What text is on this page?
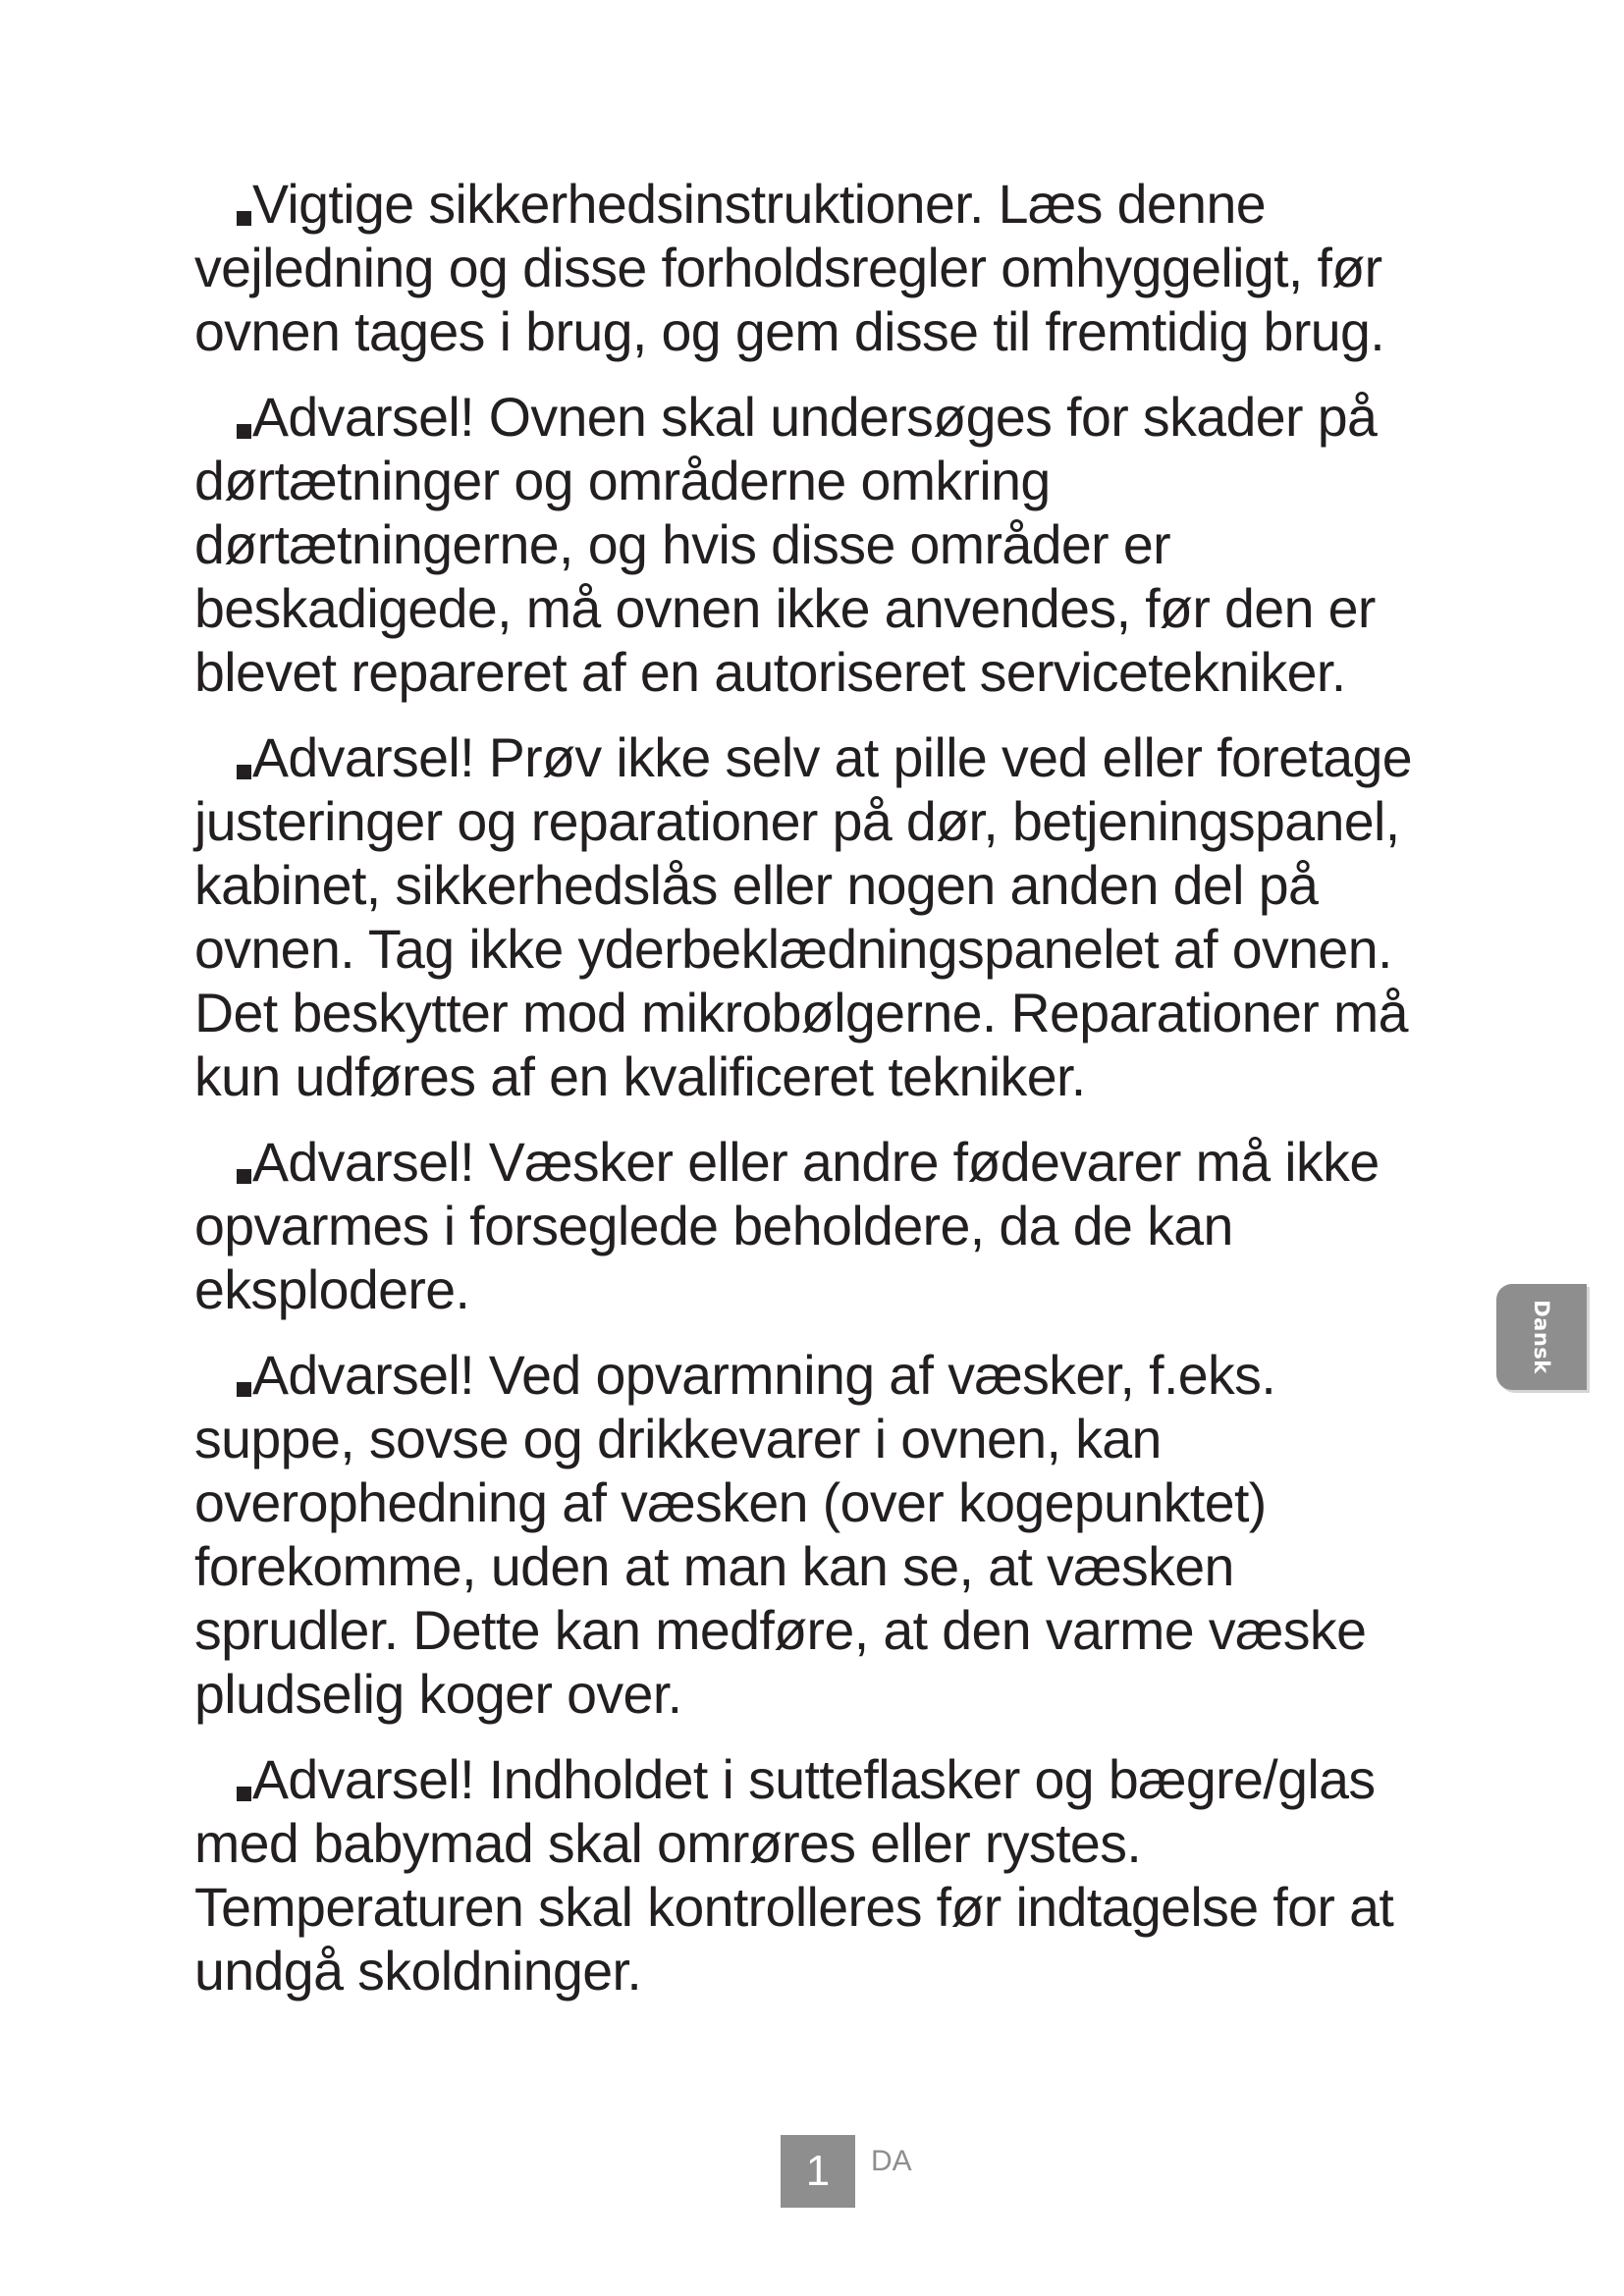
Vigtige sikkerhedsinstruktioner. Læs denne vejledning og disse forholdsregler omhyggeligt, før ovnen tages i brug, og gem disse til fremtidig brug.

Advarsel! Ovnen skal undersøges for skader på dørtætninger og områderne omkring dørtætningerne, og hvis disse områder er beskadigede, må ovnen ikke anvendes, før den er blevet repareret af en autoriseret servicetekniker.

Advarsel! Prøv ikke selv at pille ved eller foretage justeringer og reparationer på dør, betjeningspanel, kabinet, sikkerhedslås eller nogen anden del på ovnen. Tag ikke yderbeklædningspanelet af ovnen. Det beskytter mod mikrobølgerne. Reparationer må kun udføres af en kvalificeret tekniker.

Advarsel! Væsker eller andre fødevarer må ikke opvarmes i forseglede beholdere, da de kan eksplodere.

Advarsel! Ved opvarmning af væsker, f.eks. suppe, sovse og drikkevarer i ovnen, kan overophedning af væsken (over kogepunktet) forekomme, uden at man kan se, at væsken sprudler. Dette kan medføre, at den varme væske pludselig koger over.

Advarsel! Indholdet i sutteflasker og bægre/glas med babymad skal omrøres eller rystes. Temperaturen skal kontrolleres før indtagelse for at undgå skoldninger.

Dansk
1	DA
